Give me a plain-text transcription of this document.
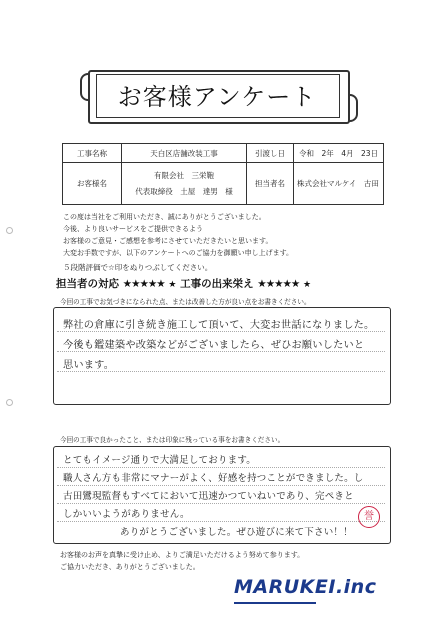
お客様アンケート
工事名称	天白区店舗改装工事	引渡し日	令和　2年　4月　23日
お客様名	有限会社　三栄鞄
代表取締役　土屋　達男　様	担当者名	株式会社マルケイ　古田
この度は当社をご利用いただき、誠にありがとうございました。
今後、より良いサービスをご提供できるよう
お客様のご意見・ご感想を参考にさせていただきたいと思います。
大変お手数ですが、以下のアンケートへのご協力を御願い申し上げます。
５段階評価で☆印をぬりつぶしてください。
担当者の対応 ★★★★★ ★ 工事の出来栄え ★★★★★ ★
今回の工事でお気づきになられた点、または改善した方が良い点をお書きください。
弊社の倉庫に引き続き施工して頂いて、大変お世話になりました。
今後も鑑建築や改築などがございましたら、ぜひお願いしたいと
思います。
今回の工事で良かったこと、または印象に残っている事をお書きください。
とてもイメージ通りで大満足しております。
職人さん方も非常にマナーがよく、好感を持つことができました。し
古田鸞現監督もすべてにおいて迅速かつていねいであり、完ぺきと
しかいいようがありません。
ありがとうございました。ぜひ遊びに来て下さい！！
誉
お客様のお声を真摯に受け止め、よりご満足いただけるよう努めて参ります。
ご協力いただき、ありがとうございました。
MARUKEI.inc
